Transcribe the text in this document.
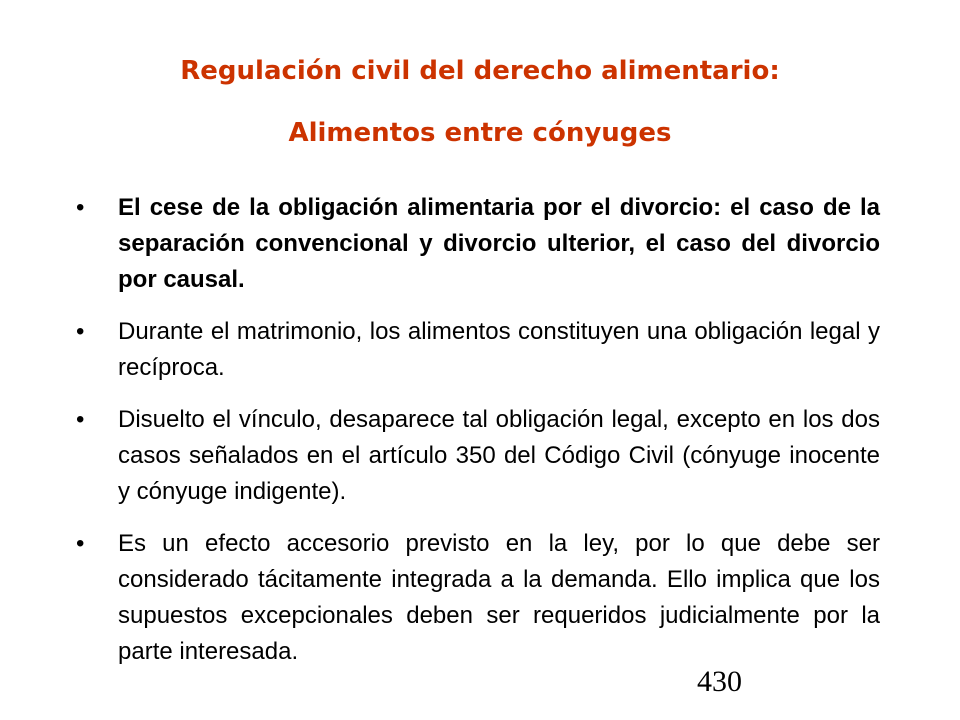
Regulación civil del derecho alimentario:
Alimentos entre cónyuges
•	El cese de la obligación alimentaria por el divorcio: el caso de la separación convencional y divorcio ulterior, el caso del divorcio por causal.
•	Durante el matrimonio, los alimentos constituyen una obligación legal y recíproca.
•	Disuelto el vínculo, desaparece tal obligación legal, excepto en los dos casos señalados en el artículo 350 del Código Civil (cónyuge inocente y cónyuge indigente).
•	Es un efecto accesorio previsto en la ley, por lo que debe ser considerado tácitamente integrada a la demanda. Ello implica que los supuestos excepcionales deben ser requeridos judicialmente por la parte interesada.
430
